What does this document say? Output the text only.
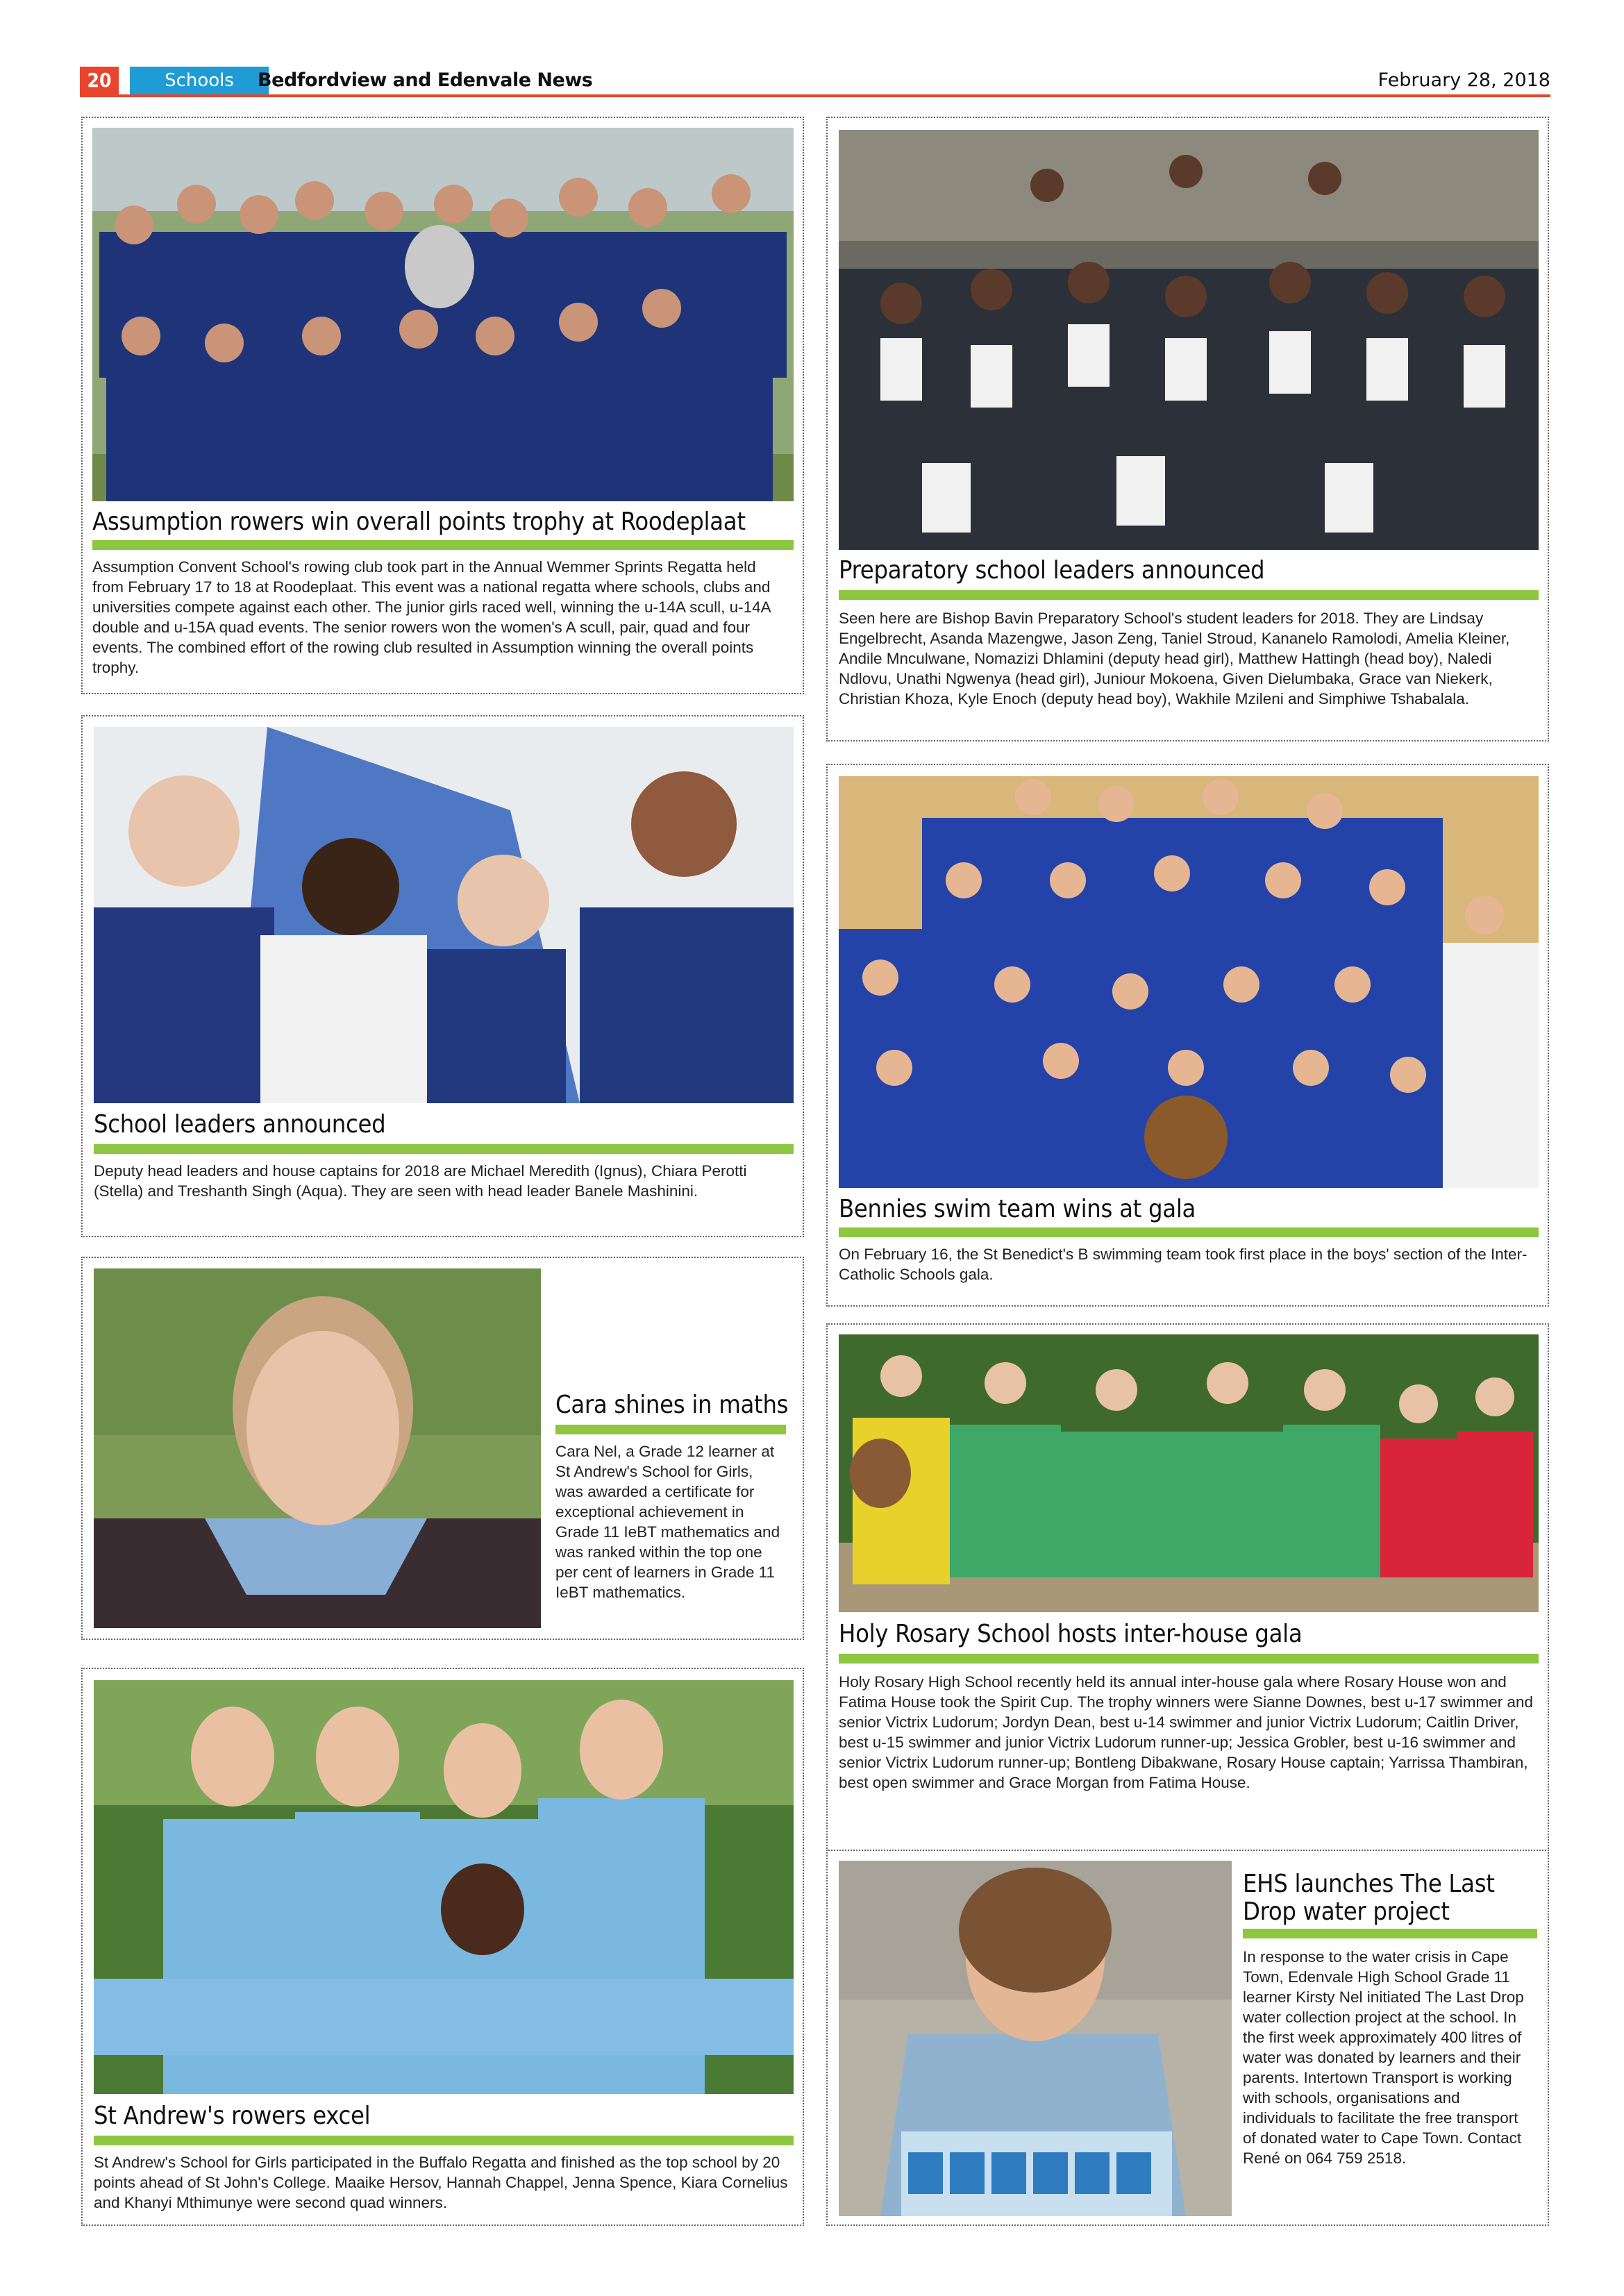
20	Schools	Bedfordview and Edenvale News	February 28, 2018
Assumption rowers win overall points trophy at Roodeplaat

Assumption Convent School's rowing club took part in the Annual Wemmer Sprints Regatta held from February 17 to 18 at Roodeplaat. This event was a national regatta where schools, clubs and universities compete against each other. The junior girls raced well, winning the u-14A scull, u-14A double and u-15A quad events. The senior rowers won the women's A scull, pair, quad and four events. The combined effort of the rowing club resulted in Assumption winning the overall points trophy.

Preparatory school leaders announced

Seen here are Bishop Bavin Preparatory School's student leaders for 2018. They are Lindsay Engelbrecht, Asanda Mazengwe, Jason Zeng, Taniel Stroud, Kananelo Ramolodi, Amelia Kleiner, Andile Mnculwane, Nomazizi Dhlamini (deputy head girl), Matthew Hattingh (head boy), Naledi Ndlovu, Unathi Ngwenya (head girl), Juniour Mokoena, Given Dielumbaka, Grace van Niekerk, Christian Khoza, Kyle Enoch (deputy head boy), Wakhile Mzileni and Simphiwe Tshabalala.

School leaders announced

Deputy head leaders and house captains for 2018 are Michael Meredith (Ignus), Chiara Perotti (Stella) and Treshanth Singh (Aqua). They are seen with head leader Banele Mashinini.

Bennies swim team wins at gala

On February 16, the St Benedict's B swimming team took first place in the boys' section of the Inter-Catholic Schools gala.

Cara shines in maths

Cara Nel, a Grade 12 learner at St Andrew's School for Girls, was awarded a certificate for exceptional achievement in Grade 11 IeBT mathematics and was ranked within the top one per cent of learners in Grade 11 IeBT mathematics.

Holy Rosary School hosts inter-house gala

Holy Rosary High School recently held its annual inter-house gala where Rosary House won and Fatima House took the Spirit Cup. The trophy winners were Sianne Downes, best u-17 swimmer and senior Victrix Ludorum; Jordyn Dean, best u-14 swimmer and junior Victrix Ludorum; Caitlin Driver, best u-15 swimmer and junior Victrix Ludorum runner-up; Jessica Grobler, best u-16 swimmer and senior Victrix Ludorum runner-up; Bontleng Dibakwane, Rosary House captain; Yarrissa Thambiran, best open swimmer and Grace Morgan from Fatima House.

St Andrew's rowers excel

St Andrew's School for Girls participated in the Buffalo Regatta and finished as the top school by 20 points ahead of St John's College. Maaike Hersov, Hannah Chappel, Jenna Spence, Kiara Cornelius and Khanyi Mthimunye were second quad winners.

EHS launches The Last Drop water project

In response to the water crisis in Cape Town, Edenvale High School Grade 11 learner Kirsty Nel initiated The Last Drop water collection project at the school. In the first week approximately 400 litres of water was donated by learners and their parents. Intertown Transport is working with schools, organisations and individuals to facilitate the free transport of donated water to Cape Town. Contact René on 064 759 2518.
